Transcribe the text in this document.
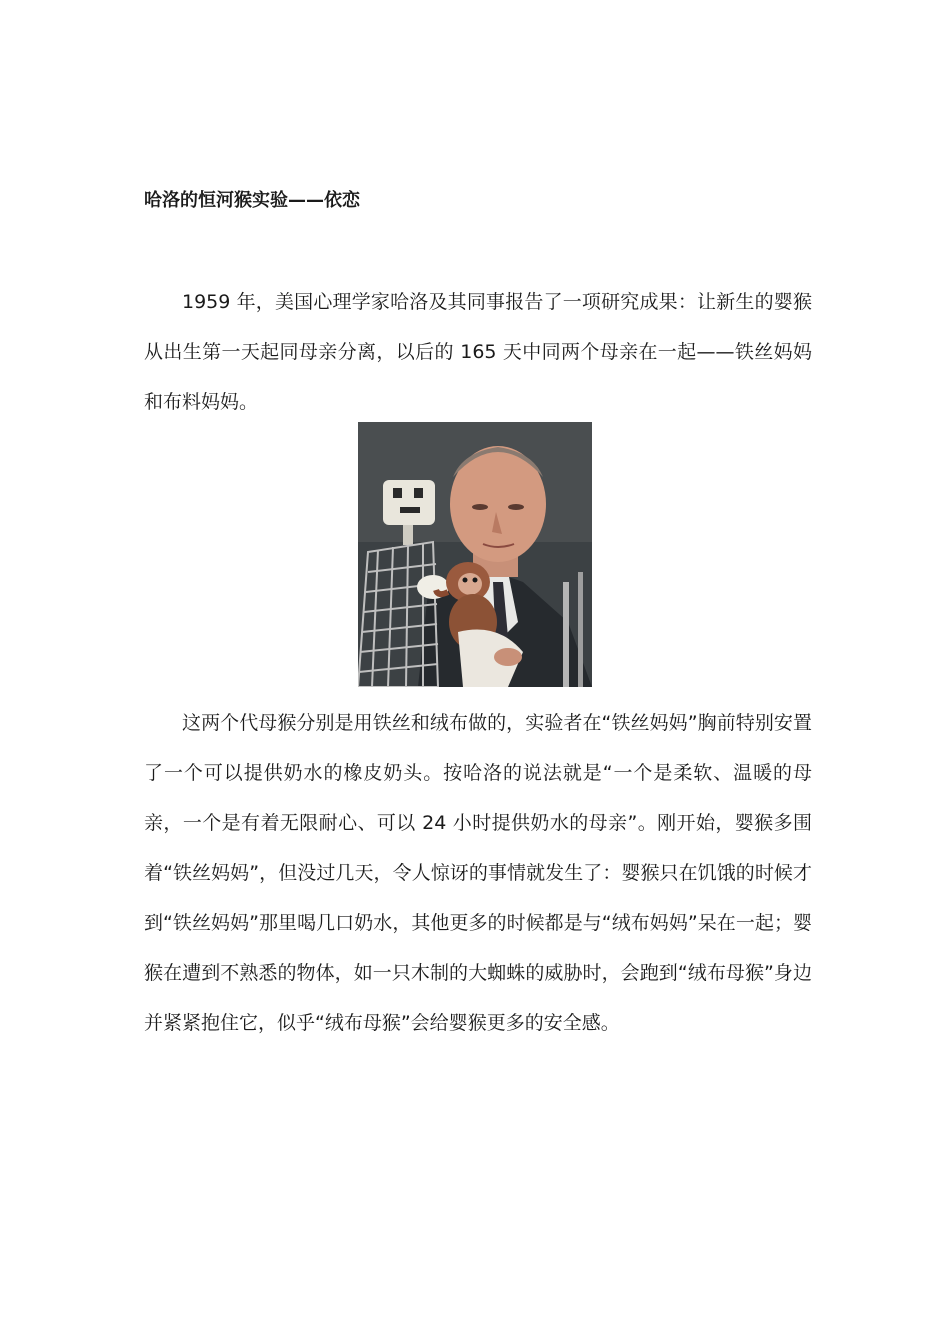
哈洛的恒河猴实验——依恋

1959 年，美国心理学家哈洛及其同事报告了一项研究成果：让新生的婴猴从出生第一天起同母亲分离，以后的 165 天中同两个母亲在一起——铁丝妈妈和布料妈妈。

这两个代母猴分别是用铁丝和绒布做的，实验者在“铁丝妈妈”胸前特别安置了一个可以提供奶水的橡皮奶头。按哈洛的说法就是“一个是柔软、温暖的母亲，一个是有着无限耐心、可以 24 小时提供奶水的母亲”。刚开始，婴猴多围着“铁丝妈妈”，但没过几天，令人惊讶的事情就发生了：婴猴只在饥饿的时候才到“铁丝妈妈”那里喝几口奶水，其他更多的时候都是与“绒布妈妈”呆在一起；婴猴在遭到不熟悉的物体，如一只木制的大蜘蛛的威胁时，会跑到“绒布母猴”身边并紧紧抱住它，似乎“绒布母猴”会给婴猴更多的安全感。
